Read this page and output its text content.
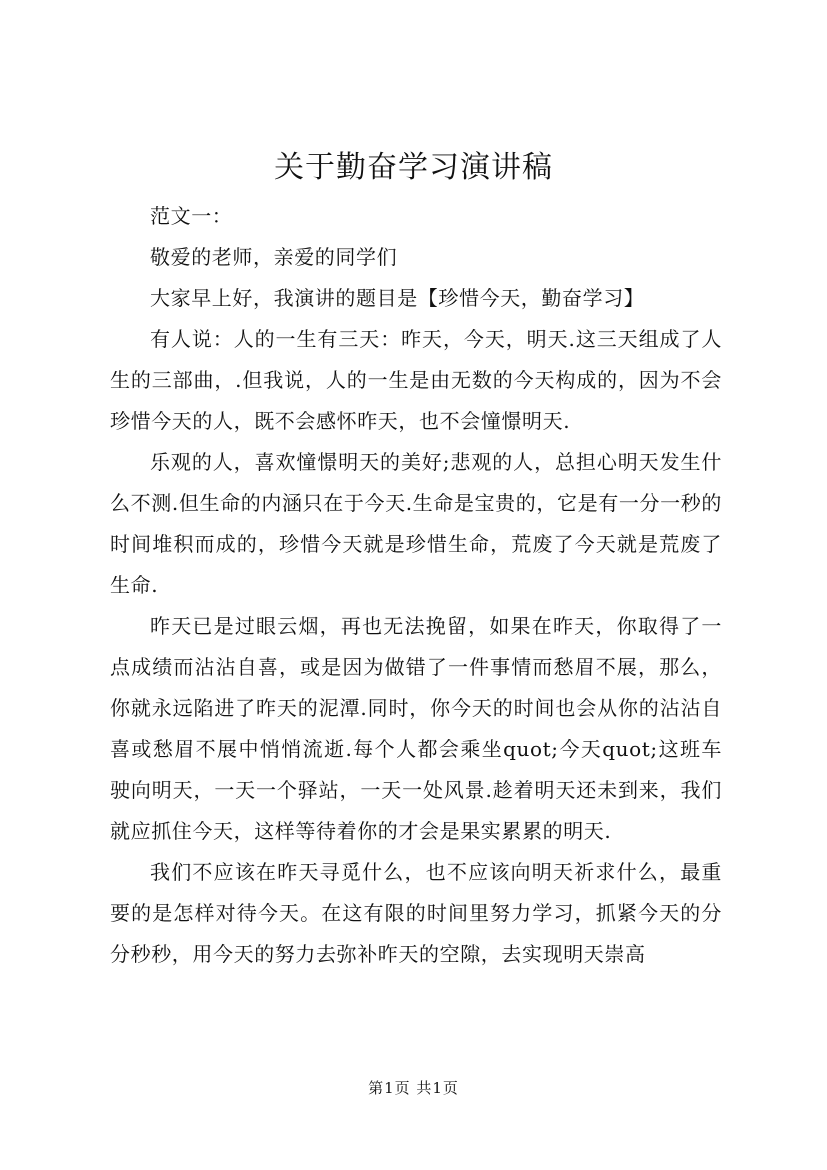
关于勤奋学习演讲稿

范文一：

敬爱的老师，亲爱的同学们

大家早上好，我演讲的题目是【珍惜今天，勤奋学习】

有人说：人的一生有三天：昨天，今天，明天.这三天组成了人生的三部曲，.但我说，人的一生是由无数的今天构成的，因为不会珍惜今天的人，既不会感怀昨天，也不会憧憬明天.

乐观的人，喜欢憧憬明天的美好;悲观的人，总担心明天发生什么不测.但生命的内涵只在于今天.生命是宝贵的，它是有一分一秒的时间堆积而成的，珍惜今天就是珍惜生命，荒废了今天就是荒废了生命.

昨天已是过眼云烟，再也无法挽留，如果在昨天，你取得了一点成绩而沾沾自喜，或是因为做错了一件事情而愁眉不展，那么，你就永远陷进了昨天的泥潭.同时，你今天的时间也会从你的沾沾自喜或愁眉不展中悄悄流逝.每个人都会乘坐quot;今天quot;这班车驶向明天，一天一个驿站，一天一处风景.趁着明天还未到来，我们就应抓住今天，这样等待着你的才会是果实累累的明天.

我们不应该在昨天寻觅什么，也不应该向明天祈求什么，最重要的是怎样对待今天。在这有限的时间里努力学习，抓紧今天的分分秒秒，用今天的努力去弥补昨天的空隙，去实现明天崇高

第1页 共1页
